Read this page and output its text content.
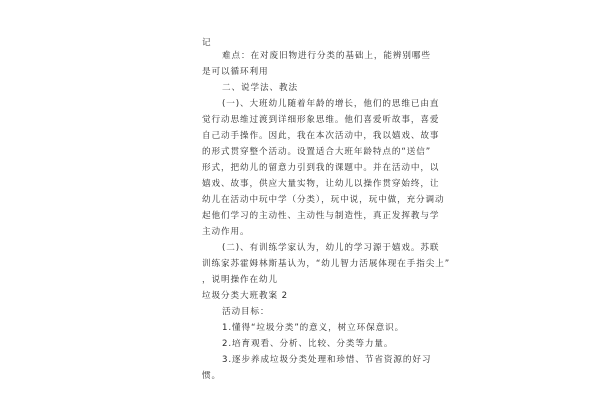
记
难点：在对废旧物进行分类的基础上，能辨别哪些
是可以循环利用
二、说学法、教法
(一)、大班幼儿随着年龄的增长，他们的思维已由直
觉行动思维过渡到详细形象思维。他们喜爱听故事，喜爱
自己动手操作。因此，我在本次活动中，我以嬉戏、故事
的形式贯穿整个活动。设置适合大班年龄特点的“送信”
形式，把幼儿的留意力引到我的课题中。并在活动中，以
嬉戏、故事，供应大量实物，让幼儿以操作贯穿始终，让
幼儿在活动中玩中学（分类），玩中说，玩中做，充分调动
起他们学习的主动性、主动性与制造性，真正发挥教与学
主动作用。
(二)、有训练学家认为，幼儿的学习源于嬉戏。苏联
训练家苏霍姆林斯基认为，“幼儿智力活展体现在手指尖上”
，说明操作在幼儿
垃圾分类大班教案 2
活动目标：
1.懂得“垃圾分类”的意义，树立环保意识。
2.培育观看、分析、比较、分类等力量。
3.逐步养成垃圾分类处理和珍惜、节省资源的好习
惯。
